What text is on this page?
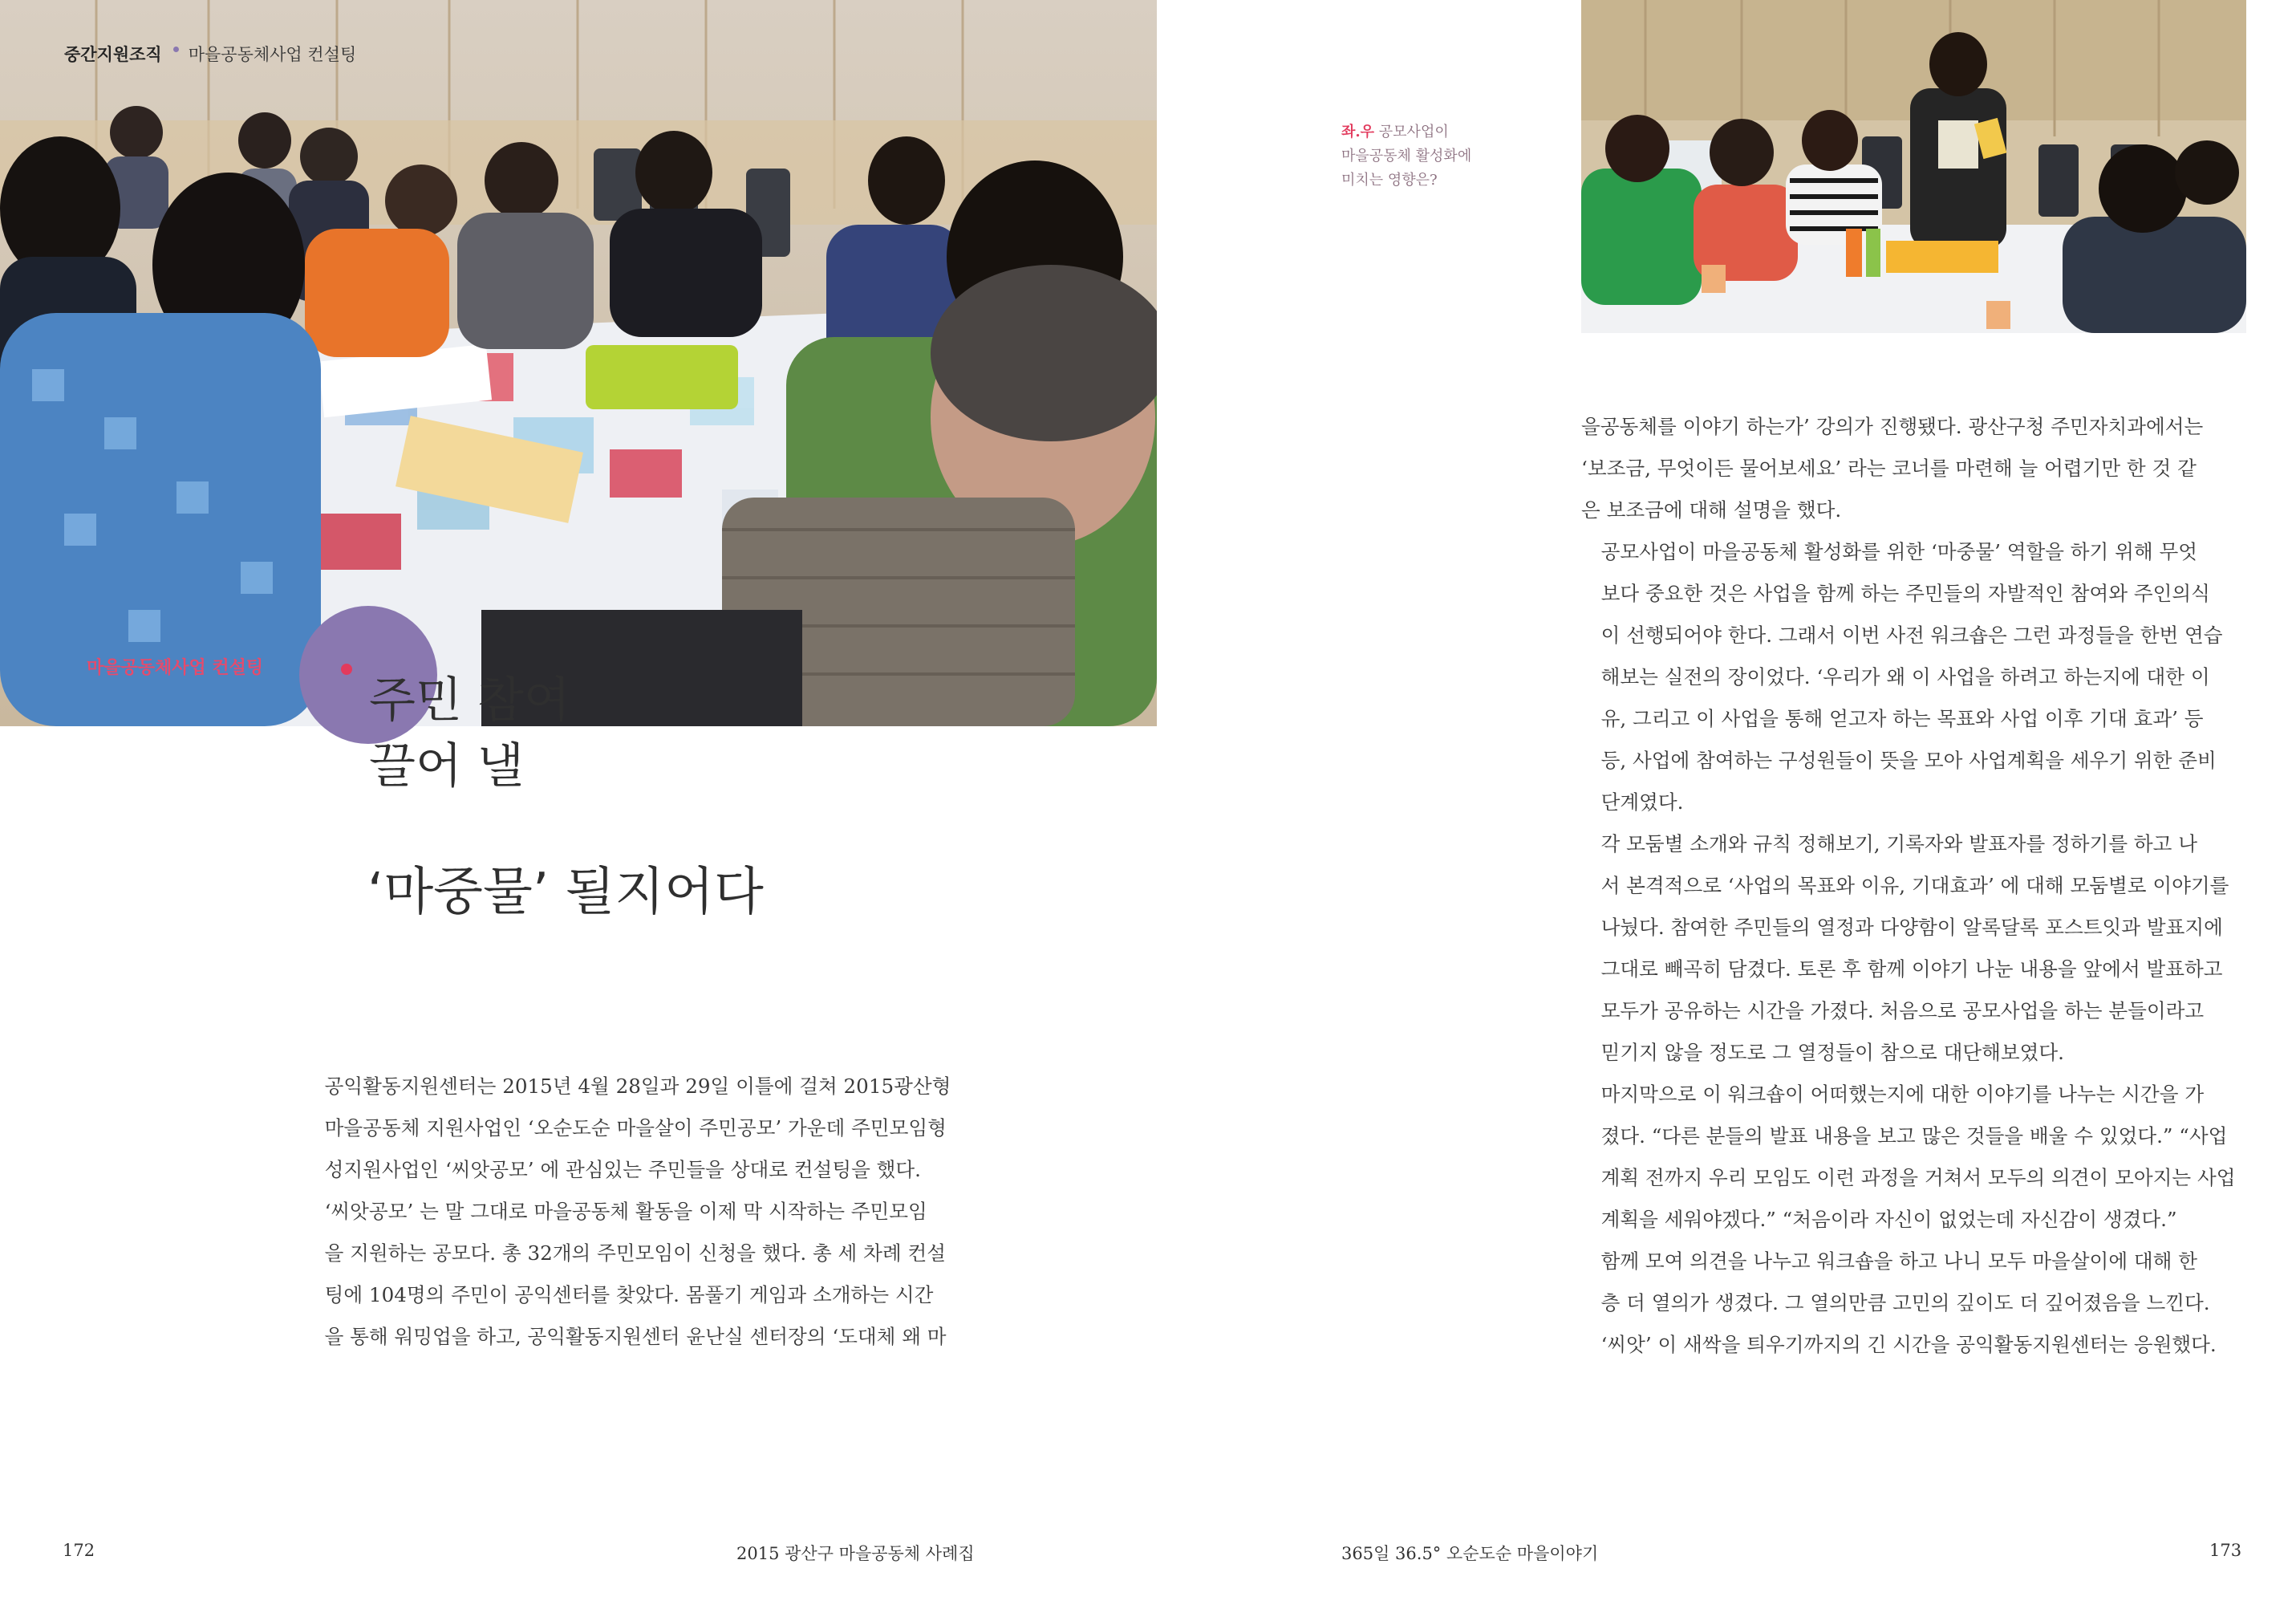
중간지원조직 마을공동체사업 컨설팅
마을공동체사업 컨설팅
주민 참여
끌어 낼
‘마중물’ 될지어다

공익활동지원센터는 2015년 4월 28일과 29일 이틀에 걸쳐 2015광산형
마을공동체 지원사업인 ‘오순도순 마을살이 주민공모’ 가운데 주민모임형
성지원사업인 ‘씨앗공모’ 에 관심있는 주민들을 상대로 컨설팅을 했다.

‘씨앗공모’ 는 말 그대로 마을공동체 활동을 이제 막 시작하는 주민모임
을 지원하는 공모다. 총 32개의 주민모임이 신청을 했다. 총 세 차례 컨설
팅에 104명의 주민이 공익센터를 찾았다. 몸풀기 게임과 소개하는 시간
을 통해 워밍업을 하고, 공익활동지원센터 윤난실 센터장의 ‘도대체 왜 마

172	2015 광산구 마을공동체 사례집
좌.우 공모사업이
마을공동체 활성화에
미치는 영향은?

을공동체를 이야기 하는가’ 강의가 진행됐다. 광산구청 주민자치과에서는
‘보조금, 무엇이든 물어보세요’ 라는 코너를 마련해 늘 어렵기만 한 것 같
은 보조금에 대해 설명을 했다.

공모사업이 마을공동체 활성화를 위한 ‘마중물’ 역할을 하기 위해 무엇
보다 중요한 것은 사업을 함께 하는 주민들의 자발적인 참여와 주인의식
이 선행되어야 한다. 그래서 이번 사전 워크숍은 그런 과정들을 한번 연습
해보는 실전의 장이었다. ‘우리가 왜 이 사업을 하려고 하는지에 대한 이
유, 그리고 이 사업을 통해 얻고자 하는 목표와 사업 이후 기대 효과’ 등
등, 사업에 참여하는 구성원들이 뜻을 모아 사업계획을 세우기 위한 준비
단계였다.

각 모둠별 소개와 규칙 정해보기, 기록자와 발표자를 정하기를 하고 나
서 본격적으로 ‘사업의 목표와 이유, 기대효과’ 에 대해 모둠별로 이야기를
나눴다. 참여한 주민들의 열정과 다양함이 알록달록 포스트잇과 발표지에
그대로 빼곡히 담겼다. 토론 후 함께 이야기 나눈 내용을 앞에서 발표하고
모두가 공유하는 시간을 가졌다. 처음으로 공모사업을 하는 분들이라고
믿기지 않을 정도로 그 열정들이 참으로 대단해보였다.

마지막으로 이 워크숍이 어떠했는지에 대한 이야기를 나누는 시간을 가
졌다. “다른 분들의 발표 내용을 보고 많은 것들을 배울 수 있었다.” “사업
계획 전까지 우리 모임도 이런 과정을 거쳐서 모두의 의견이 모아지는 사업
계획을 세워야겠다.” “처음이라 자신이 없었는데 자신감이 생겼다.”

함께 모여 의견을 나누고 워크숍을 하고 나니 모두 마을살이에 대해 한
층 더 열의가 생겼다. 그 열의만큼 고민의 깊이도 더 깊어졌음을 느낀다.
‘씨앗’ 이 새싹을 틔우기까지의 긴 시간을 공익활동지원센터는 응원했다.

365일 36.5° 오순도순 마을이야기	173
